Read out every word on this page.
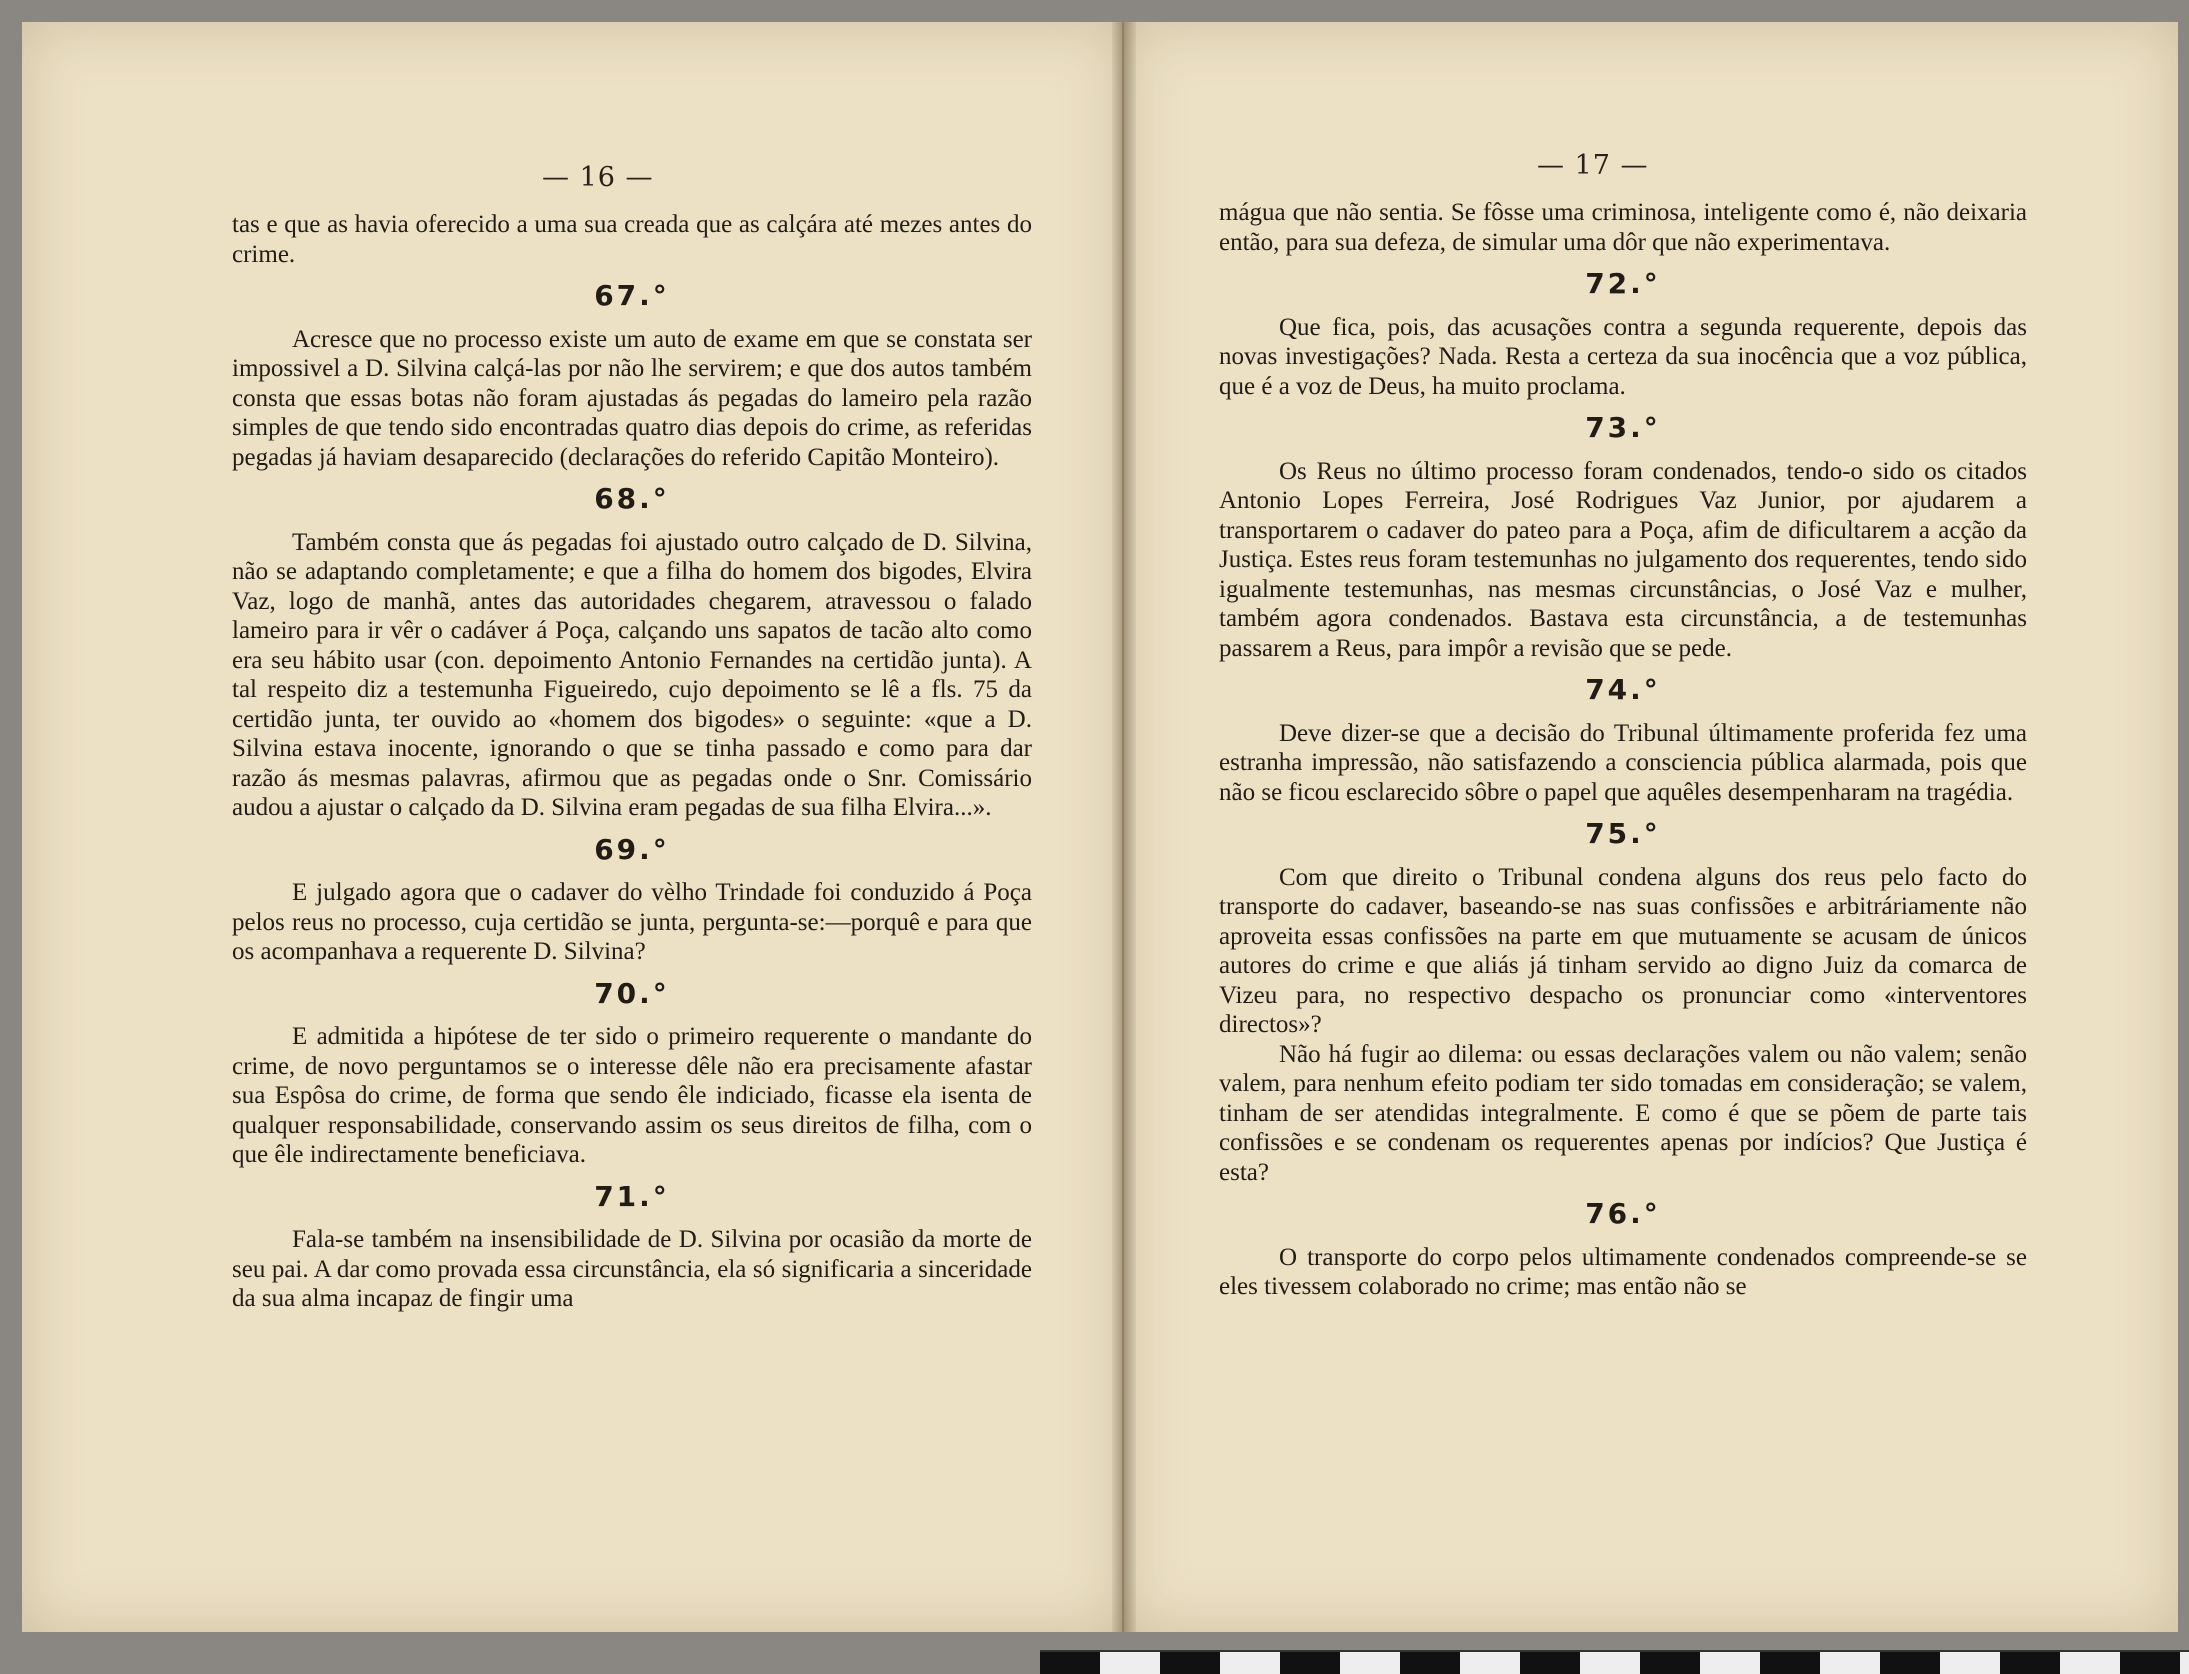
— 16 —	— 17 —

tas e que as havia oferecido a uma sua creada que as calçára até mezes antes do crime.

67.°

Acresce que no processo existe um auto de exame em que se constata ser impossivel a D. Silvina calçá-las por não lhe servirem; e que dos autos também consta que essas botas não foram ajustadas ás pegadas do lameiro pela razão simples de que tendo sido encontradas quatro dias depois do crime, as referidas pegadas já haviam desaparecido (declarações do referido Capitão Monteiro).

68.°

Também consta que ás pegadas foi ajustado outro calçado de D. Silvina, não se adaptando completamente; e que a filha do homem dos bigodes, Elvira Vaz, logo de manhã, antes das autoridades chegarem, atravessou o falado lameiro para ir vêr o cadáver á Poça, calçando uns sapatos de tacão alto como era seu hábito usar (con. depoimento Antonio Fernandes na certidão junta). A tal respeito diz a testemunha Figueiredo, cujo depoimento se lê a fls. 75 da certidão junta, ter ouvido ao «homem dos bigodes» o seguinte: «que a D. Silvina estava inocente, ignorando o que se tinha passado e como para dar razão ás mesmas palavras, afirmou que as pegadas onde o Snr. Comissário audou a ajustar o calçado da D. Silvina eram pegadas de sua filha Elvira...».

69.°

E julgado agora que o cadaver do vèlho Trindade foi conduzido á Poça pelos reus no processo, cuja certidão se junta, pergunta-se:—porquê e para que os acompanhava a requerente D. Silvina?

70.°

E admitida a hipótese de ter sido o primeiro requerente o mandante do crime, de novo perguntamos se o interesse dêle não era precisamente afastar sua Espôsa do crime, de forma que sendo êle indiciado, ficasse ela isenta de qualquer responsabilidade, conservando assim os seus direitos de filha, com o que êle indirectamente beneficiava.

71.°

Fala-se também na insensibilidade de D. Silvina por ocasião da morte de seu pai. A dar como provada essa circunstância, ela só significaria a sinceridade da sua alma incapaz de fingir uma

mágua que não sentia. Se fôsse uma criminosa, inteligente como é, não deixaria então, para sua defeza, de simular uma dôr que não experimentava.

72.°

Que fica, pois, das acusações contra a segunda requerente, depois das novas investigações? Nada. Resta a certeza da sua inocência que a voz pública, que é a voz de Deus, ha muito proclama.

73.°

Os Reus no último processo foram condenados, tendo-o sido os citados Antonio Lopes Ferreira, José Rodrigues Vaz Junior, por ajudarem a transportarem o cadaver do pateo para a Poça, afim de dificultarem a acção da Justiça. Estes reus foram testemunhas no julgamento dos requerentes, tendo sido igualmente testemunhas, nas mesmas circunstâncias, o José Vaz e mulher, também agora condenados. Bastava esta circunstância, a de testemunhas passarem a Reus, para impôr a revisão que se pede.

74.°

Deve dizer-se que a decisão do Tribunal últimamente proferida fez uma estranha impressão, não satisfazendo a consciencia pública alarmada, pois que não se ficou esclarecido sôbre o papel que aquêles desempenharam na tragédia.

75.°

Com que direito o Tribunal condena alguns dos reus pelo facto do transporte do cadaver, baseando-se nas suas confissões e arbitráriamente não aproveita essas confissões na parte em que mutuamente se acusam de únicos autores do crime e que aliás já tinham servido ao digno Juiz da comarca de Vizeu para, no respectivo despacho os pronunciar como «interventores directos»?

Não há fugir ao dilema: ou essas declarações valem ou não valem; senão valem, para nenhum efeito podiam ter sido tomadas em consideração; se valem, tinham de ser atendidas integralmente. E como é que se põem de parte tais confissões e se condenam os requerentes apenas por indícios? Que Justiça é esta?

76.°

O transporte do corpo pelos ultimamente condenados compreende-se se eles tivessem colaborado no crime; mas então não se
